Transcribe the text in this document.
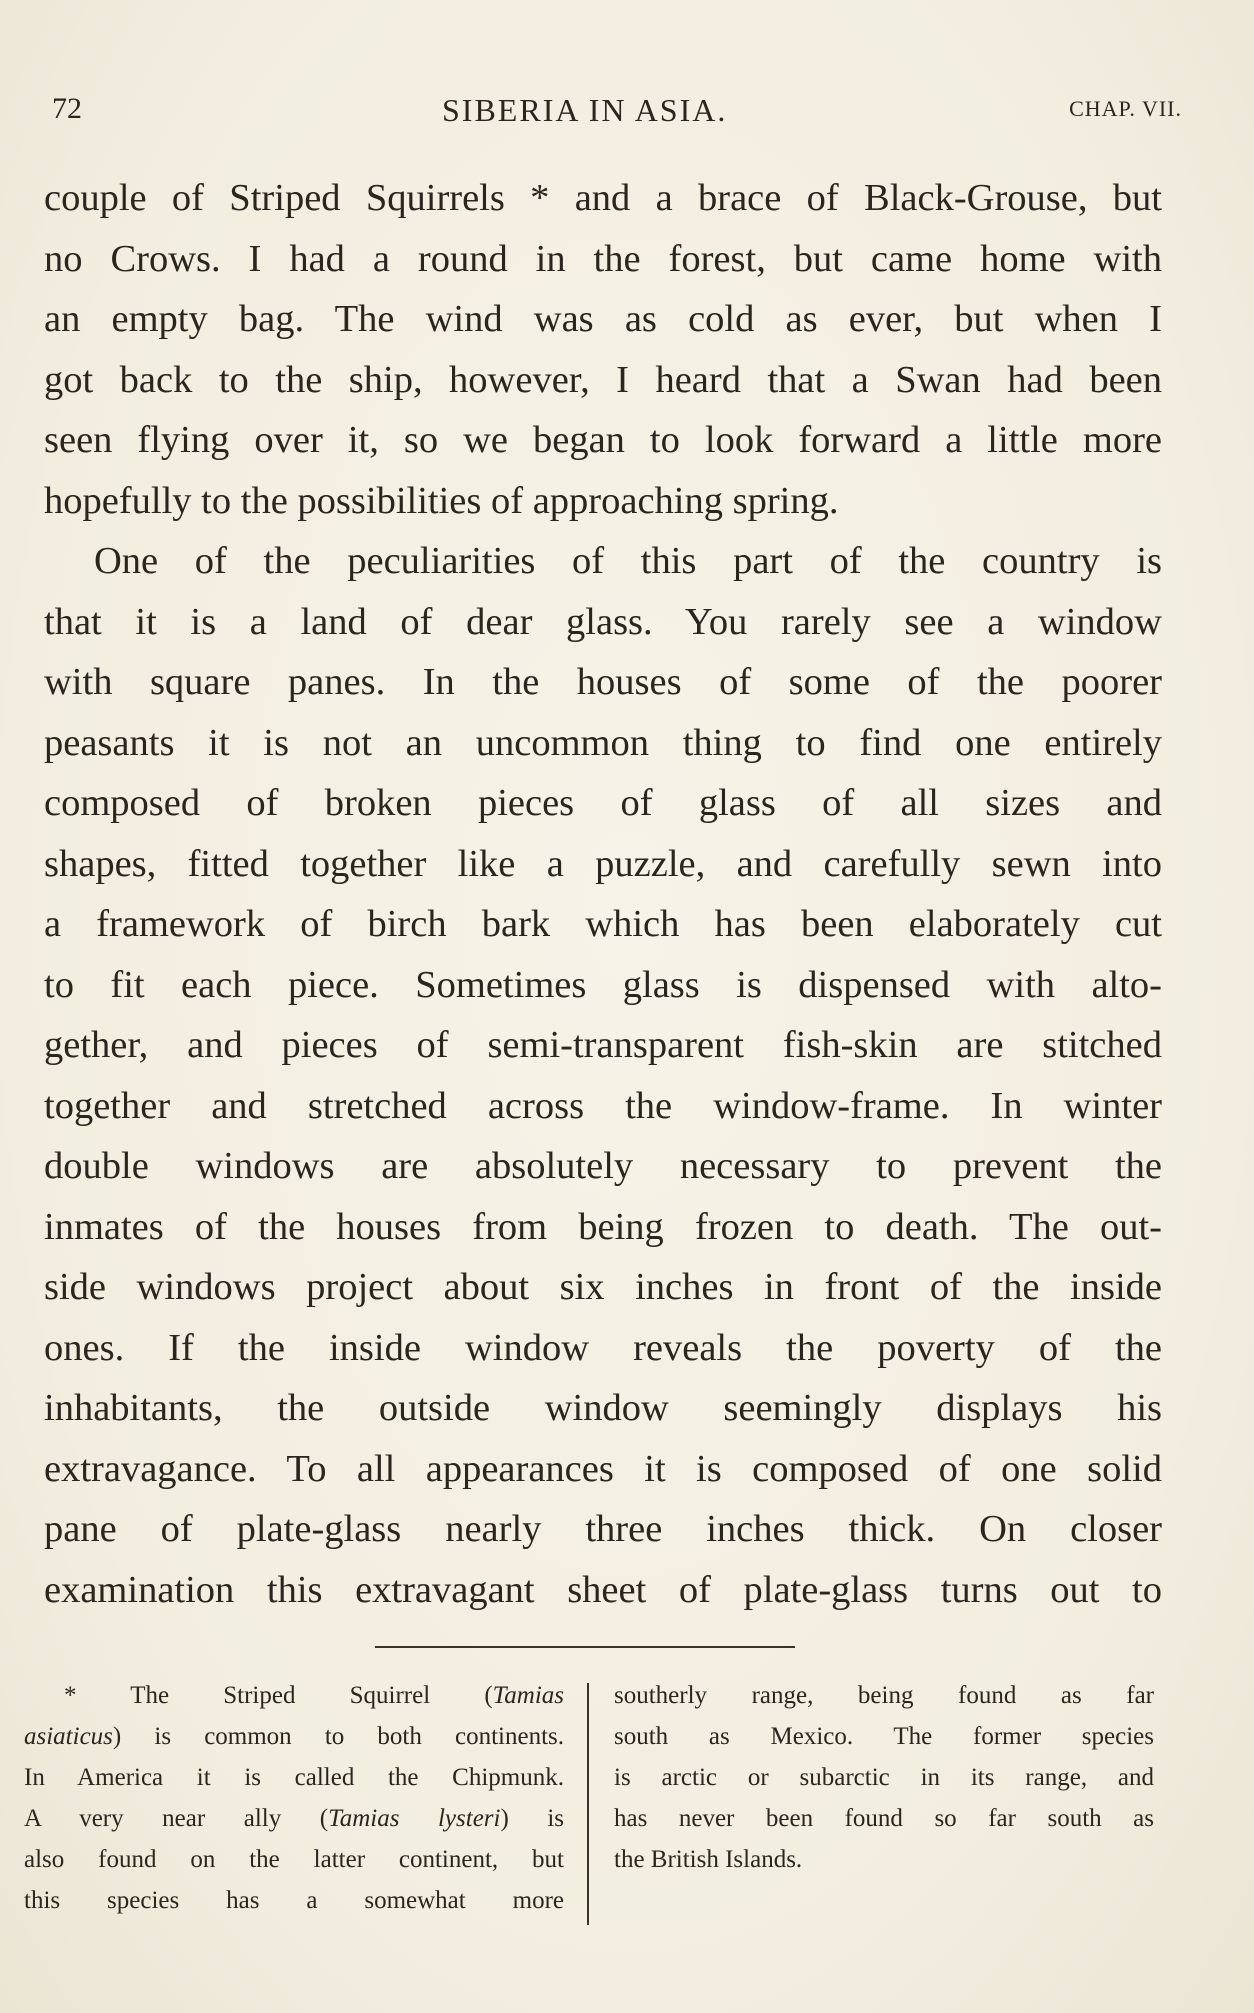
72	SIBERIA IN ASIA.	CHAP. VII.
couple of Striped Squirrels * and a brace of Black-Grouse, but
no Crows. I had a round in the forest, but came home with
an empty bag. The wind was as cold as ever, but when I
got back to the ship, however, I heard that a Swan had been
seen flying over it, so we began to look forward a little more
hopefully to the possibilities of approaching spring.
One of the peculiarities of this part of the country is
that it is a land of dear glass. You rarely see a window
with square panes. In the houses of some of the poorer
peasants it is not an uncommon thing to find one entirely
composed of broken pieces of glass of all sizes and
shapes, fitted together like a puzzle, and carefully sewn into
a framework of birch bark which has been elaborately cut
to fit each piece. Sometimes glass is dispensed with alto-
gether, and pieces of semi-transparent fish-skin are stitched
together and stretched across the window-frame. In winter
double windows are absolutely necessary to prevent the
inmates of the houses from being frozen to death. The out-
side windows project about six inches in front of the inside
ones. If the inside window reveals the poverty of the
inhabitants, the outside window seemingly displays his
extravagance. To all appearances it is composed of one solid
pane of plate-glass nearly three inches thick. On closer
examination this extravagant sheet of plate-glass turns out to
* The Striped Squirrel (Tamias
asiaticus) is common to both continents.
In America it is called the Chipmunk.
A very near ally (Tamias lysteri) is
also found on the latter continent, but
this species has a somewhat more
southerly range, being found as far
south as Mexico. The former species
is arctic or subarctic in its range, and
has never been found so far south as
the British Islands.
